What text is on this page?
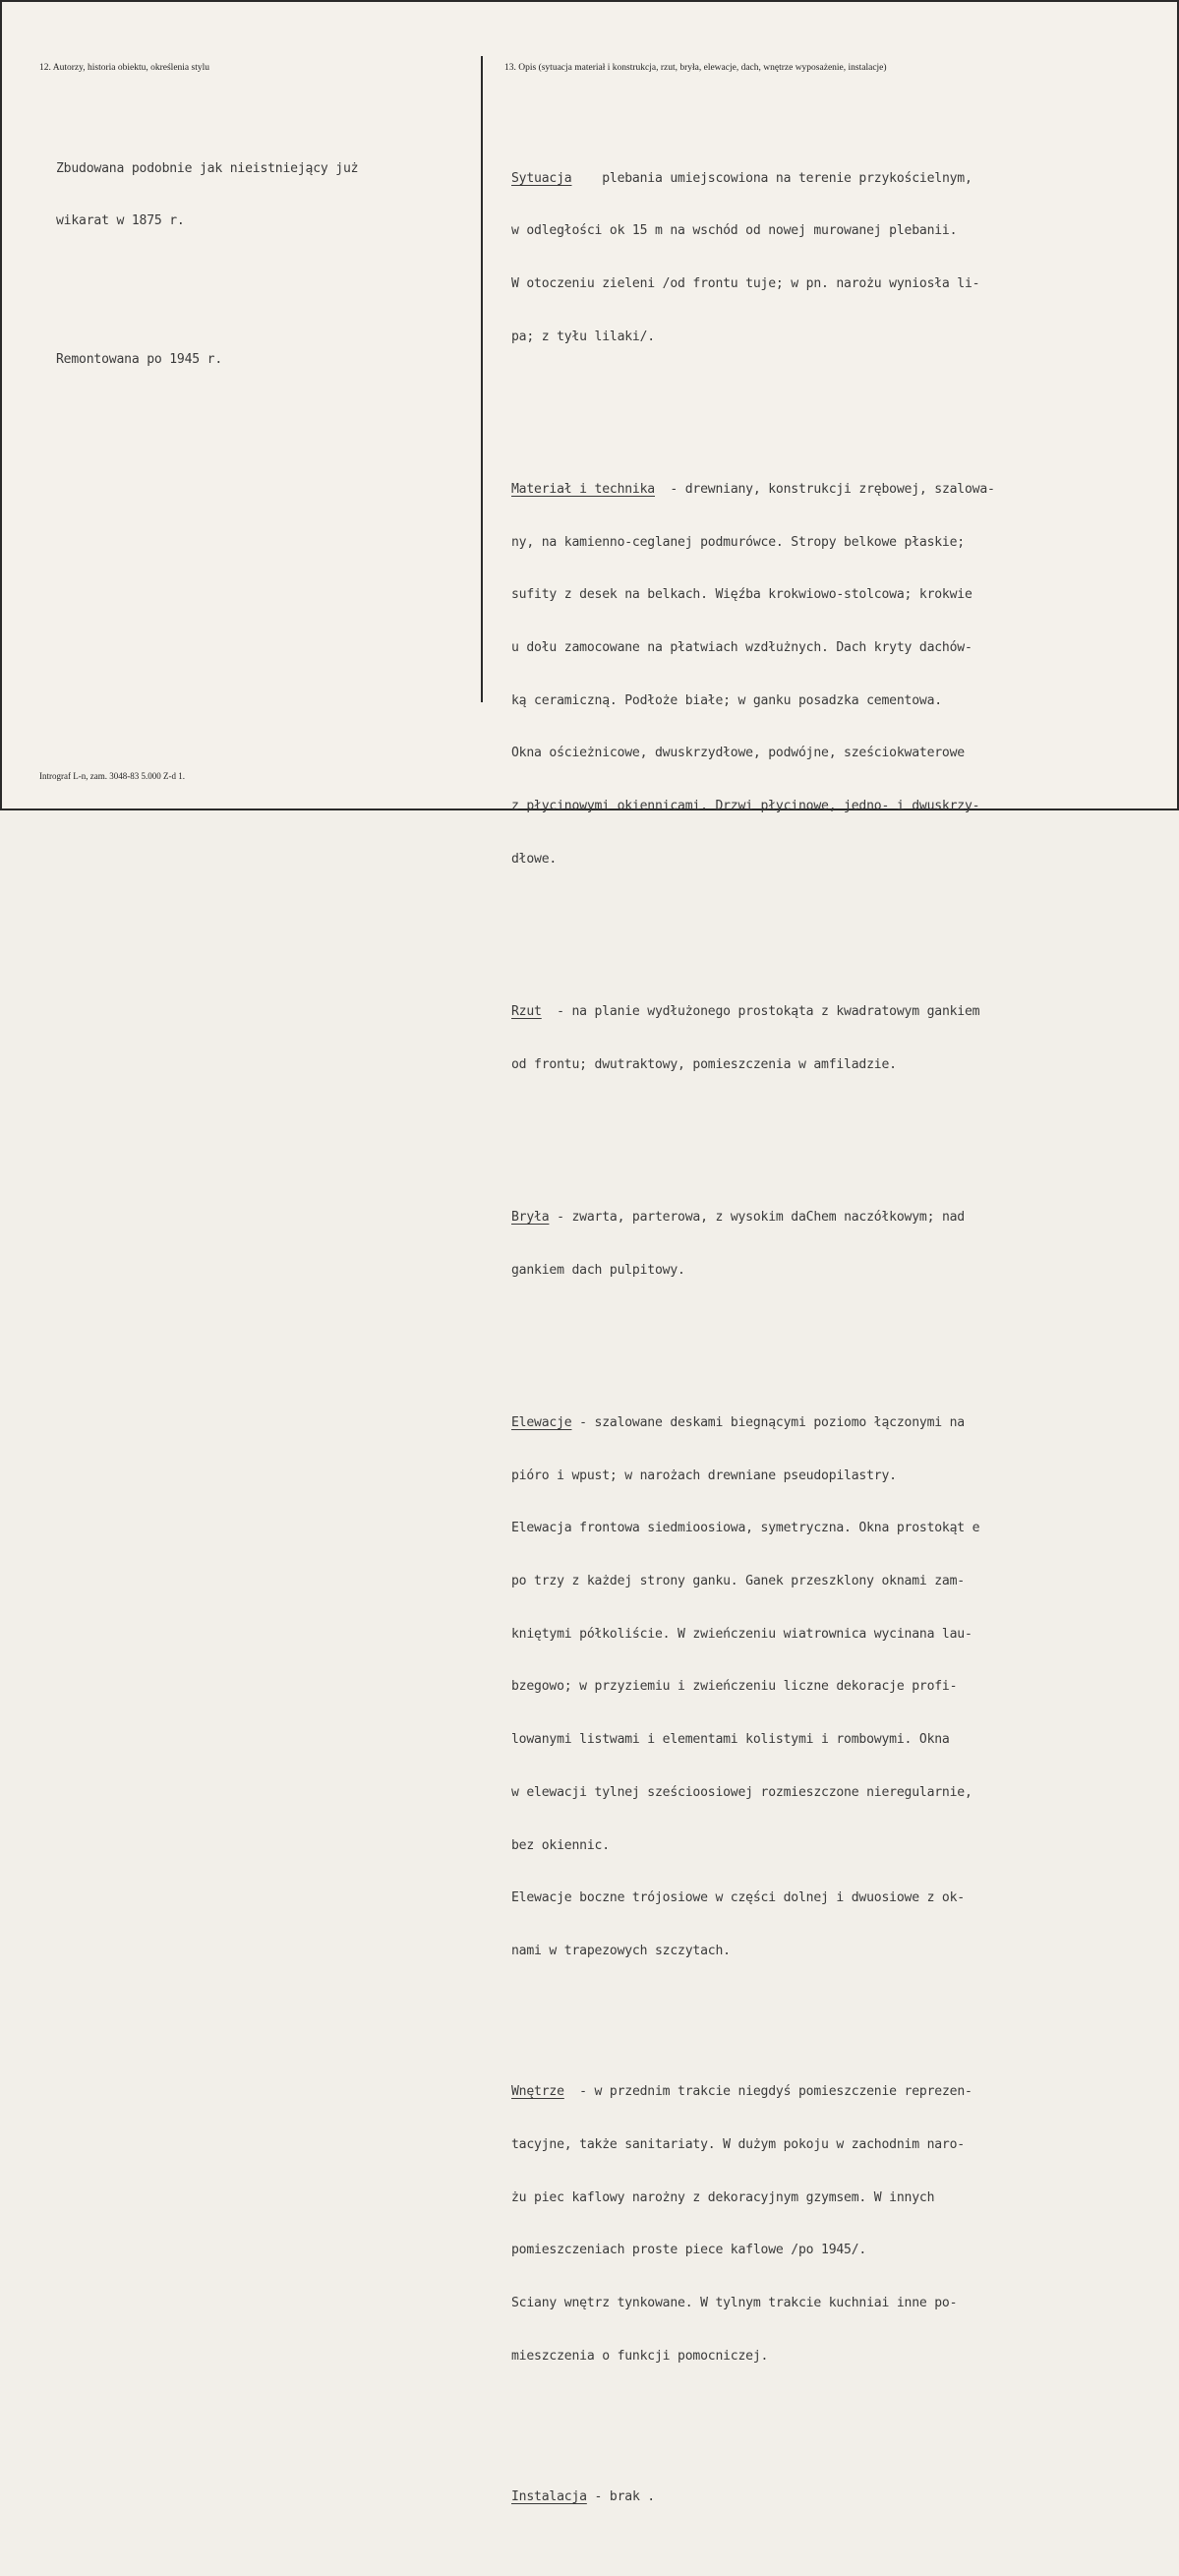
12. Autorzy, historia obiektu, określenia stylu	13. Opis (sytuacja materiał i konstrukcja, rzut, bryła, elewacje, dach, wnętrze wyposażenie, instalacje)

Zbudowana podobnie jak nieistniejący już

wikarat w 1875 r.

Remontowana po 1945 r.

Sytuacja    plebania umiejscowiona na terenie przykościelnym,

w odległości ok 15 m na wschód od nowej murowanej plebanii.

W otoczeniu zieleni /od frontu tuje; w pn. narożu wyniosła li-

pa; z tyłu lilaki/.

Materiał i technika  - drewniany, konstrukcji zrębowej, szalowa-

ny, na kamienno-ceglanej podmurówce. Stropy belkowe płaskie;

sufity z desek na belkach. Więźba krokwiowo-stolcowa; krokwie

u dołu zamocowane na płatwiach wzdłużnych. Dach kryty dachów-

ką ceramiczną. Podłoże białe; w ganku posadzka cementowa.

Okna ościeżnicowe, dwuskrzydłowe, podwójne, sześciokwaterowe

z płycinowymi okiennicami. Drzwi płycinowe, jedno- i dwuskrzy-

dłowe.

Rzut  - na planie wydłużonego prostokąta z kwadratowym gankiem

od frontu; dwutraktowy, pomieszczenia w amfiladzie.

Bryła - zwarta, parterowa, z wysokim daChem naczółkowym; nad

gankiem dach pulpitowy.

Elewacje - szalowane deskami biegnącymi poziomo łączonymi na

pióro i wpust; w narożach drewniane pseudopilastry.

Elewacja frontowa siedmioosiowa, symetryczna. Okna prostokąt e

po trzy z każdej strony ganku. Ganek przeszklony oknami zam-

kniętymi półkoliście. W zwieńczeniu wiatrownica wycinana lau-

bzegowo; w przyziemiu i zwieńczeniu liczne dekoracje profi-

lowanymi listwami i elementami kolistymi i rombowymi. Okna

w elewacji tylnej sześcioosiowej rozmieszczone nieregularnie,

bez okiennic.

Elewacje boczne trójosiowe w części dolnej i dwuosiowe z ok-

nami w trapezowych szczytach.

Wnętrze  - w przednim trakcie niegdyś pomieszczenie reprezen-

tacyjne, także sanitariaty. W dużym pokoju w zachodnim naro-

żu piec kaflowy narożny z dekoracyjnym gzymsem. W innych

pomieszczeniach proste piece kaflowe /po 1945/.

Sciany wnętrz tynkowane. W tylnym trakcie kuchniai inne po-

mieszczenia o funkcji pomocniczej.

Instalacja - brak .

Intrograf L-n, zam. 3048-83 5.000 Z-d 1.
